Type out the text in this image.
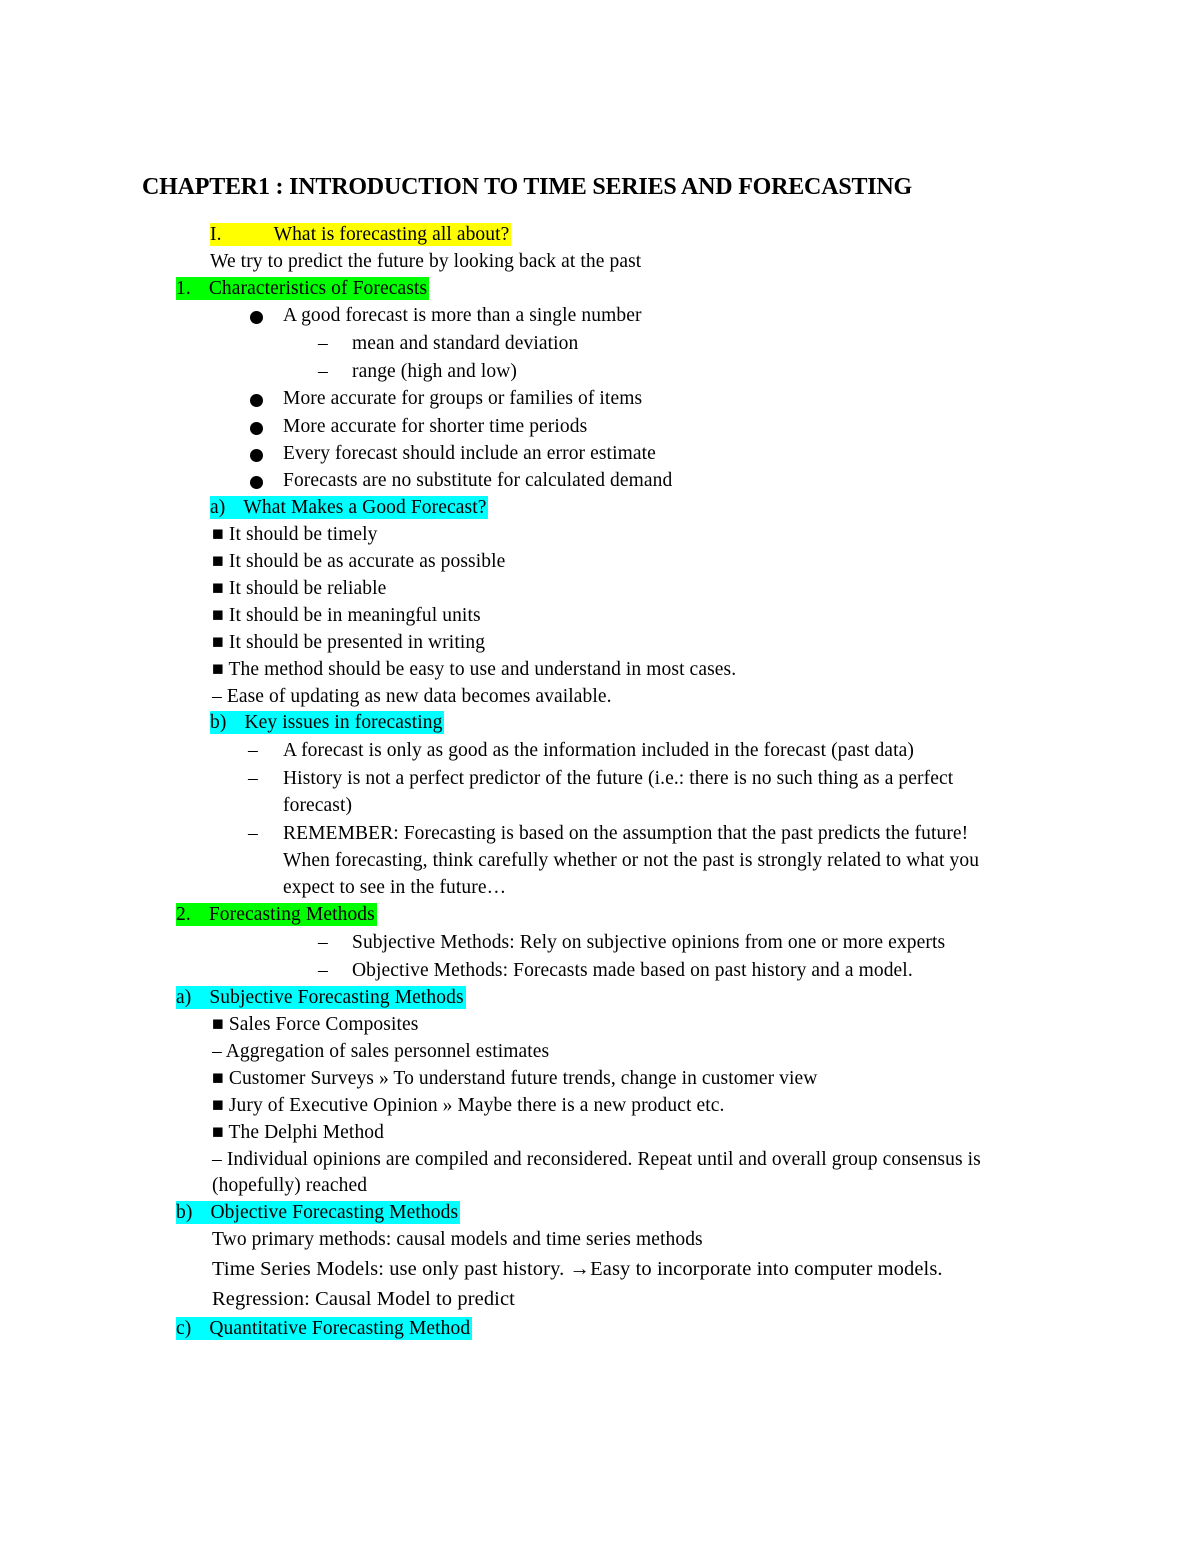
CHAPTER1 : INTRODUCTION TO TIME SERIES AND FORECASTING
I.	What is forecasting all about?
We try to predict the future by looking back at the past
1. Characteristics of Forecasts
A good forecast is more than a single number
– mean and standard deviation
– range (high and low)
More accurate for groups or families of items
More accurate for shorter time periods
Every forecast should include an error estimate
Forecasts are no substitute for calculated demand
a) What Makes a Good Forecast?
■ It should be timely
■ It should be as accurate as possible
■ It should be reliable
■ It should be in meaningful units
■ It should be presented in writing
■ The method should be easy to use and understand in most cases.
– Ease of updating as new data becomes available.
b) Key issues in forecasting
– A forecast is only as good as the information included in the forecast (past data)
– History is not a perfect predictor of the future (i.e.: there is no such thing as a perfect
forecast)
– REMEMBER: Forecasting is based on the assumption that the past predicts the future!
When forecasting, think carefully whether or not the past is strongly related to what you
expect to see in the future…
2. Forecasting Methods
– Subjective Methods: Rely on subjective opinions from one or more experts
– Objective Methods: Forecasts made based on past history and a model.
a) Subjective Forecasting Methods
■ Sales Force Composites
– Aggregation of sales personnel estimates
■ Customer Surveys » To understand future trends, change in customer view
■ Jury of Executive Opinion » Maybe there is a new product etc.
■ The Delphi Method
– Individual opinions are compiled and reconsidered. Repeat until and overall group consensus is
(hopefully) reached
b) Objective Forecasting Methods
Two primary methods: causal models and time series methods
Time Series Models: use only past history. →Easy to incorporate into computer models.
Regression: Causal Model to predict
c) Quantitative Forecasting Method
